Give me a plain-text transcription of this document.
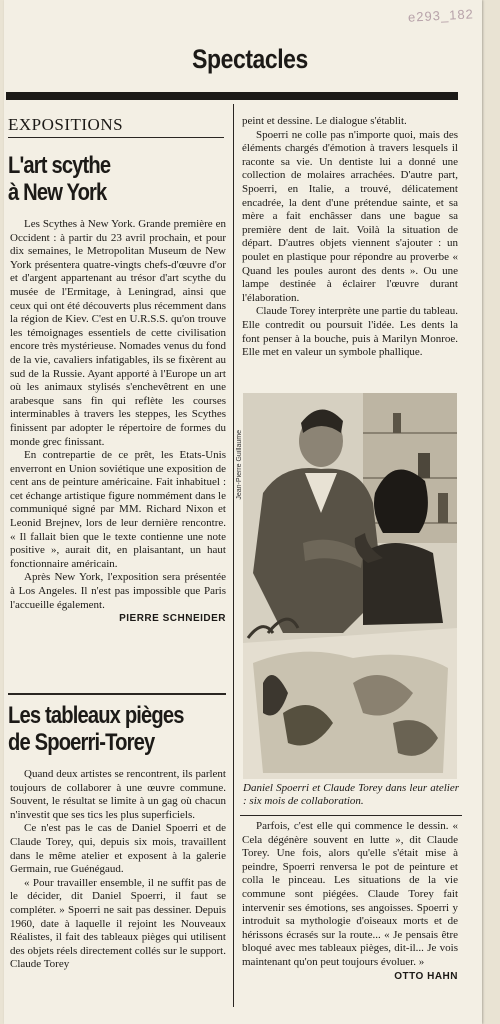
e293_182
Spectacles
EXPOSITIONS
L'art scythe
à New York

Les Scythes à New York. Grande première en Occident : à partir du 23 avril prochain, et pour dix semaines, le Metropolitan Museum de New York présentera quatre-vingts chefs-d'œuvre d'or et d'argent appartenant au trésor d'art scythe du musée de l'Ermitage, à Leningrad, ainsi que ceux qui ont été découverts plus récemment dans la région de Kiev. C'est en U.R.S.S. qu'on trouve les témoignages essentiels de cette civilisation encore très mystérieuse. Nomades venus du fond de la vie, cavaliers infatigables, ils se fixèrent au sud de la Russie. Ayant apporté à l'Europe un art où les animaux stylisés s'enchevêtrent en une arabesque sans fin qui reflète les courses interminables à travers les steppes, les Scythes finissent par adopter le répertoire de formes du monde grec finissant.

En contrepartie de ce prêt, les Etats-Unis enverront en Union soviétique une exposition de cent ans de peinture américaine. Fait inhabituel : cet échange artistique figure nommément dans le communiqué signé par MM. Richard Nixon et Leonid Brejnev, lors de leur dernière rencontre. « Il fallait bien que le texte contienne une note positive », aurait dit, en plaisantant, un haut fonctionnaire américain.

Après New York, l'exposition sera présentée à Los Angeles. Il n'est pas impossible que Paris l'accueille également.

PIERRE SCHNEIDER
Les tableaux pièges
de Spoerri-Torey

Quand deux artistes se rencontrent, ils parlent toujours de collaborer à une œuvre commune. Souvent, le résultat se limite à un gag où chacun n'investit que ses tics les plus superficiels.

Ce n'est pas le cas de Daniel Spoerri et de Claude Torey, qui, depuis six mois, travaillent dans le même atelier et exposent à la galerie Germain, rue Guénégaud.

« Pour travailler ensemble, il ne suffit pas de le décider, dit Daniel Spoerri, il faut se compléter. » Spoerri ne sait pas dessiner. Depuis 1960, date à laquelle il rejoint les Nouveaux Réalistes, il fait des tableaux pièges qui utilisent des objets réels directement collés sur le support. Claude Torey

peint et dessine. Le dialogue s'établit.

Spoerri ne colle pas n'importe quoi, mais des éléments chargés d'émotion à travers lesquels il raconte sa vie. Un dentiste lui a donné une collection de molaires arrachées. D'autre part, Spoerri, en Italie, a trouvé, délicatement encadrée, la dent d'une prétendue sainte, et sa mère a fait enchâsser dans une bague sa première dent de lait. Voilà la situation de départ. D'autres objets viennent s'ajouter : un poulet en plastique pour répondre au proverbe « Quand les poules auront des dents ». Ou une lampe destinée à éclairer l'œuvre durant l'élaboration.

Claude Torey interprète une partie du tableau. Elle contredit ou poursuit l'idée. Les dents la font penser à la bouche, puis à Marilyn Monroe. Elle met en valeur un symbole phallique.

Jean-Pierre Guillaume
Daniel Spoerri et Claude Torey dans leur atelier : six mois de collaboration.

Parfois, c'est elle qui commence le dessin. « Cela dégénère souvent en lutte », dit Claude Torey. Une fois, alors qu'elle s'était mise à peindre, Spoerri renversa le pot de peinture et colla le pinceau. Les situations de la vie commune sont piégées. Claude Torey fait intervenir ses émotions, ses angoisses. Spoerri y introduit sa mythologie d'oiseaux morts et de hérissons écrasés sur la route... « Je pensais être bloqué avec mes tableaux pièges, dit-il... Je vois maintenant qu'on peut toujours évoluer. »

OTTO HAHN
